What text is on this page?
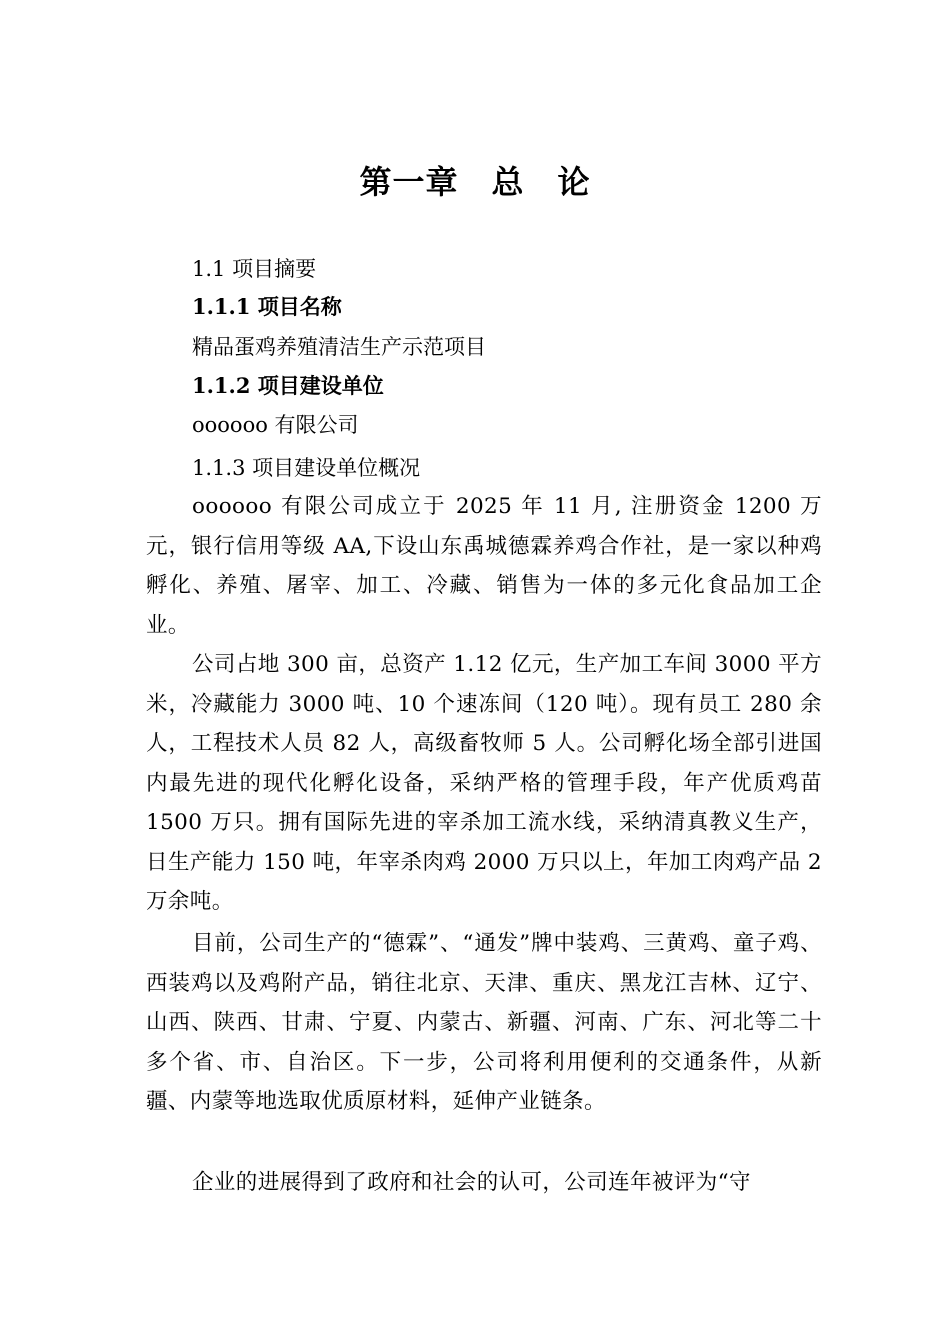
第一章　总　论
1.1 项目摘要
1.1.1 项目名称
精品蛋鸡养殖清洁生产示范项目
1.1.2 项目建设单位
oooooo 有限公司
1.1.3 项目建设单位概况
oooooo 有限公司成立于 2025 年 11 月, 注册资金 1200 万元，银行信用等级 AA,下设山东禹城德霖养鸡合作社，是一家以种鸡孵化、养殖、屠宰、加工、冷藏、销售为一体的多元化食品加工企业。
公司占地 300 亩，总资产 1.12 亿元，生产加工车间 3000 平方米，冷藏能力 3000 吨、10 个速冻间（120 吨）。现有员工 280 余人，工程技术人员 82 人，高级畜牧师 5 人。公司孵化场全部引进国内最先进的现代化孵化设备，采纳严格的管理手段，年产优质鸡苗 1500 万只。拥有国际先进的宰杀加工流水线，采纳清真教义生产，日生产能力 150 吨，年宰杀肉鸡 2000 万只以上，年加工肉鸡产品 2 万余吨。
目前，公司生产的“德霖”、“通发”牌中装鸡、三黄鸡、童子鸡、西装鸡以及鸡附产品，销往北京、天津、重庆、黑龙江吉林、辽宁、山西、陕西、甘肃、宁夏、内蒙古、新疆、河南、广东、河北等二十多个省、市、自治区。下一步，公司将利用便利的交通条件，从新疆、内蒙等地选取优质原材料，延伸产业链条。
企业的进展得到了政府和社会的认可，公司连年被评为“守
